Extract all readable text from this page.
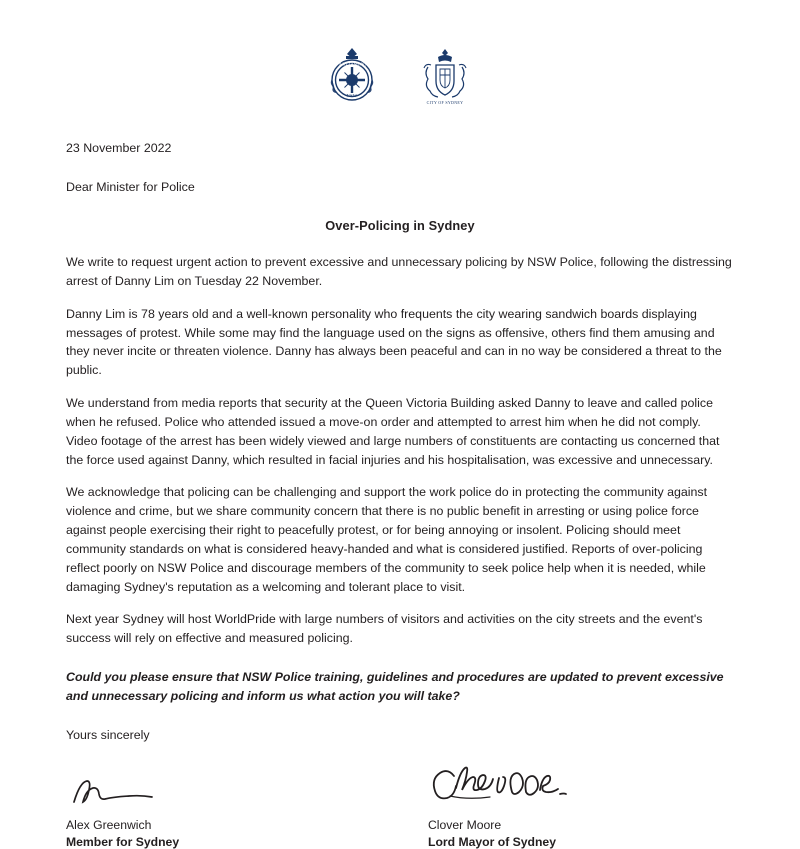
PARLIAMENT
NSW
CITY OF SYDNEY
23 November 2022
Dear Minister for Police
Over-Policing in Sydney

We write to request urgent action to prevent excessive and unnecessary policing by NSW Police, following the distressing arrest of Danny Lim on Tuesday 22 November.

Danny Lim is 78 years old and a well-known personality who frequents the city wearing sandwich boards displaying messages of protest. While some may find the language used on the signs as offensive, others find them amusing and they never incite or threaten violence. Danny has always been peaceful and can in no way be considered a threat to the public.

We understand from media reports that security at the Queen Victoria Building asked Danny to leave and called police when he refused. Police who attended issued a move-on order and attempted to arrest him when he did not comply. Video footage of the arrest has been widely viewed and large numbers of constituents are contacting us concerned that the force used against Danny, which resulted in facial injuries and his hospitalisation, was excessive and unnecessary.

We acknowledge that policing can be challenging and support the work police do in protecting the community against violence and crime, but we share community concern that there is no public benefit in arresting or using police force against people exercising their right to peacefully protest, or for being annoying or insolent. Policing should meet community standards on what is considered heavy-handed and what is considered justified. Reports of over-policing reflect poorly on NSW Police and discourage members of the community to seek police help when it is needed, while damaging Sydney's reputation as a welcoming and tolerant place to visit.

Next year Sydney will host WorldPride with large numbers of visitors and activities on the city streets and the event's success will rely on effective and measured policing.

Could you please ensure that NSW Police training, guidelines and procedures are updated to prevent excessive and unnecessary policing and inform us what action you will take?
Yours sincerely
Alex Greenwich
Member for Sydney
Clover Moore
Lord Mayor of Sydney
